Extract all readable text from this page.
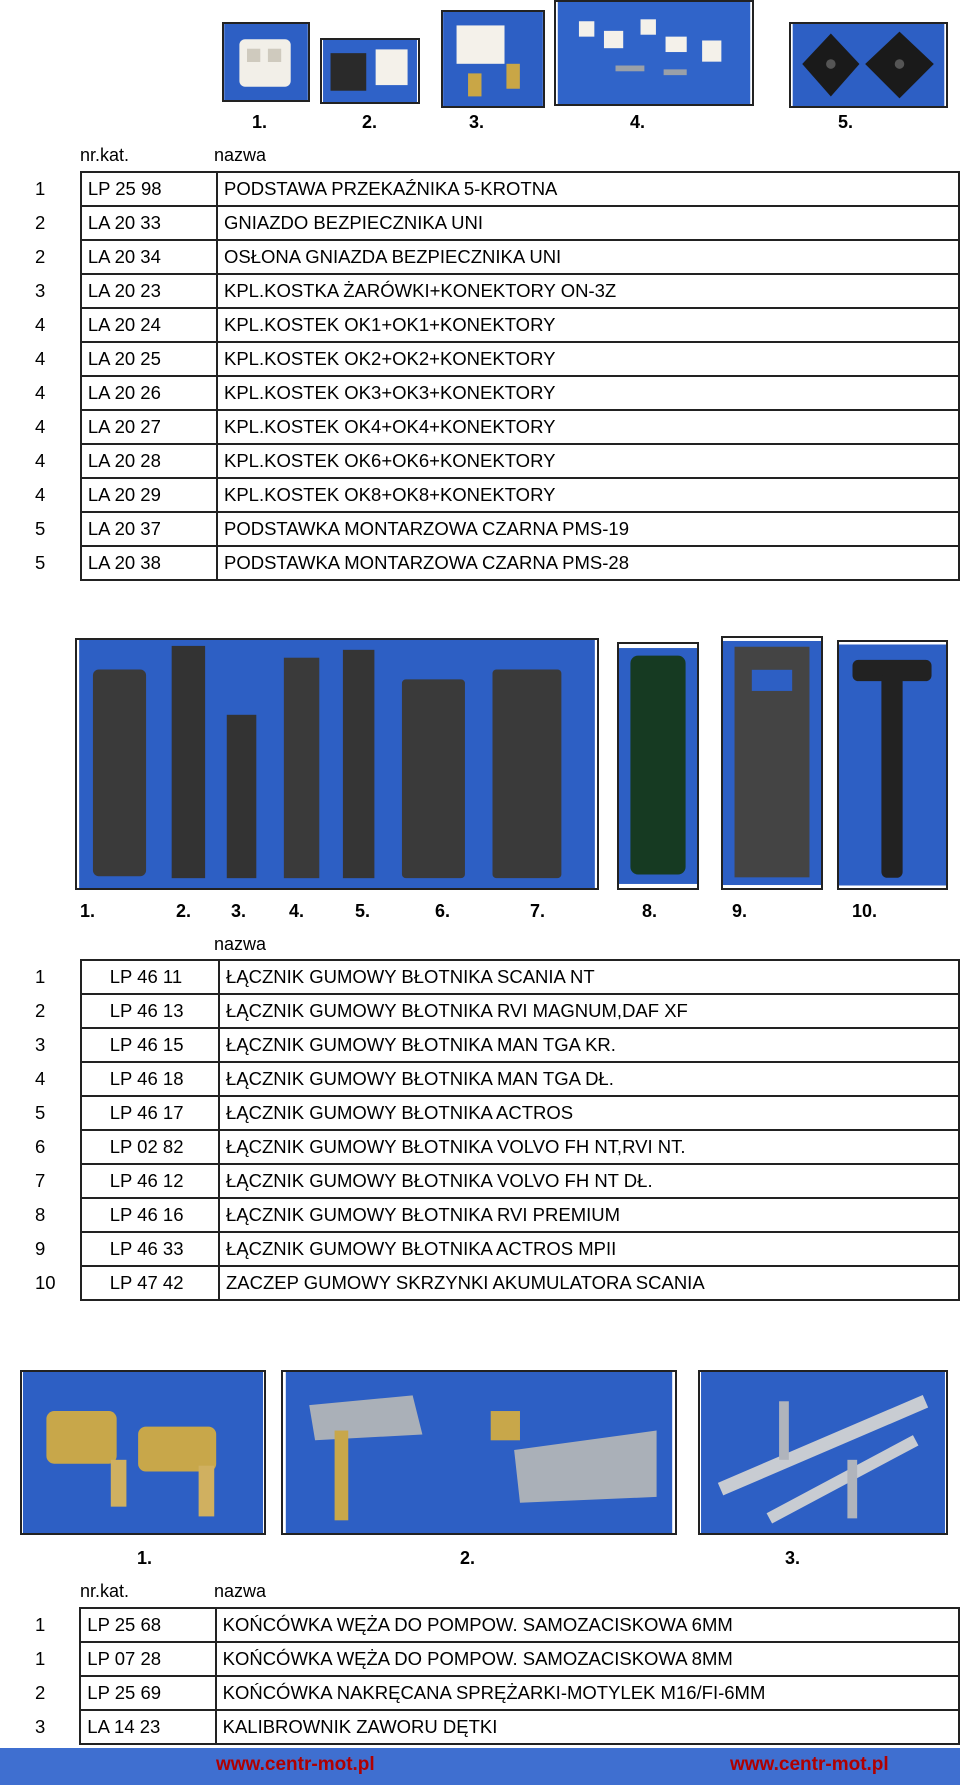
1.	2.	3.	4.	5.
nr.kat.	nazwa
1	LP 25 98	PODSTAWA PRZEKAŹNIKA 5-KROTNA
2	LA 20 33	GNIAZDO BEZPIECZNIKA UNI
2	LA 20 34	OSŁONA GNIAZDA BEZPIECZNIKA UNI
3	LA 20 23	KPL.KOSTKA ŻARÓWKI+KONEKTORY ON-3Z
4	LA 20 24	KPL.KOSTEK OK1+OK1+KONEKTORY
4	LA 20 25	KPL.KOSTEK OK2+OK2+KONEKTORY
4	LA 20 26	KPL.KOSTEK OK3+OK3+KONEKTORY
4	LA 20 27	KPL.KOSTEK OK4+OK4+KONEKTORY
4	LA 20 28	KPL.KOSTEK OK6+OK6+KONEKTORY
4	LA 20 29	KPL.KOSTEK OK8+OK8+KONEKTORY
5	LA 20 37	PODSTAWKA MONTARZOWA CZARNA PMS-19
5	LA 20 38	PODSTAWKA MONTARZOWA CZARNA PMS-28
1.	2. 3. 4.	5.	6.	7.	8.	9.	10.
nazwa
1	LP 46 11	ŁĄCZNIK GUMOWY BŁOTNIKA SCANIA NT
2	LP 46 13	ŁĄCZNIK GUMOWY BŁOTNIKA RVI MAGNUM,DAF XF
3	LP 46 15	ŁĄCZNIK GUMOWY BŁOTNIKA MAN TGA KR.
4	LP 46 18	ŁĄCZNIK GUMOWY BŁOTNIKA MAN TGA DŁ.
5	LP 46 17	ŁĄCZNIK GUMOWY BŁOTNIKA ACTROS
6	LP 02 82	ŁĄCZNIK GUMOWY BŁOTNIKA VOLVO FH NT,RVI NT.
7	LP 46 12	ŁĄCZNIK GUMOWY BŁOTNIKA VOLVO FH NT DŁ.
8	LP 46 16	ŁĄCZNIK GUMOWY BŁOTNIKA RVI PREMIUM
9	LP 46 33	ŁĄCZNIK GUMOWY BŁOTNIKA ACTROS MPII
10	LP 47 42	ZACZEP GUMOWY SKRZYNKI AKUMULATORA SCANIA
1.	2.	3.
nr.kat.	nazwa
1	LP 25 68	KOŃCÓWKA WĘŻA DO POMPOW. SAMOZACISKOWA 6MM
1	LP 07 28	KOŃCÓWKA WĘŻA DO POMPOW. SAMOZACISKOWA 8MM
2	LP 25 69	KOŃCÓWKA NAKRĘCANA SPRĘŻARKI-MOTYLEK M16/FI-6MM
3	LA 14 23	KALIBROWNIK ZAWORU DĘTKI
www.centr-mot.pl	www.centr-mot.pl
